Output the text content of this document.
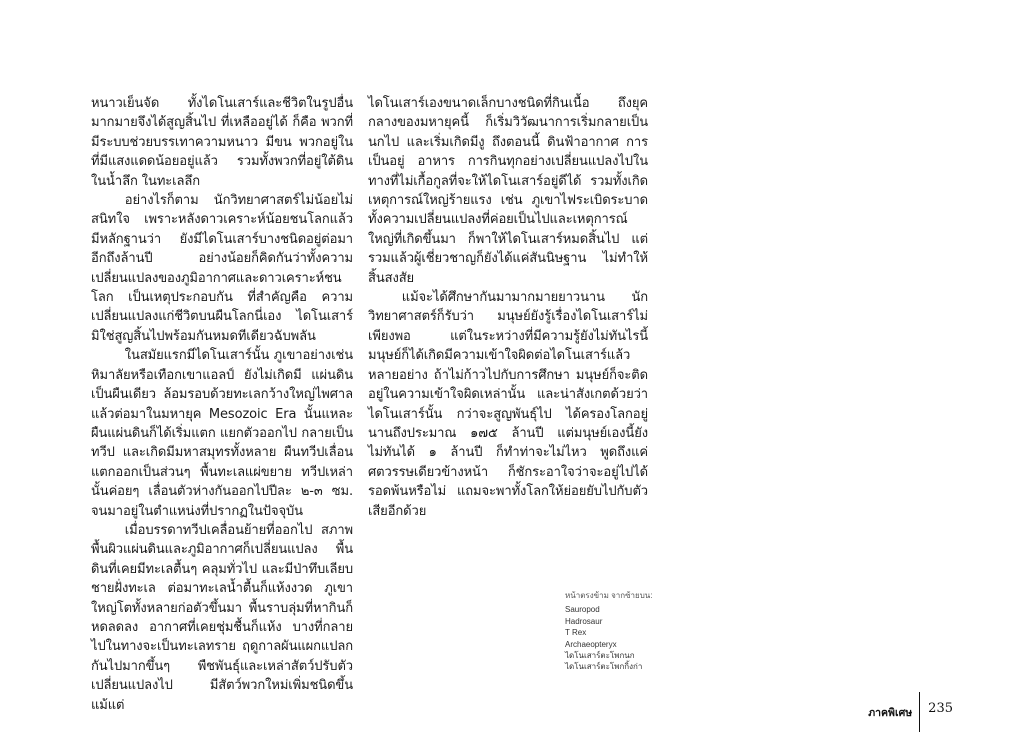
หนาวเย็นจัด ทั้งไดโนเสาร์และชีวิตในรูปอื่นมากมายจึงได้สูญสิ้นไป ที่เหลืออยู่ได้ ก็คือ พวกที่มีระบบช่วยบรรเทาความหนาว มีขน พวกอยู่ในที่มีแสงแดดน้อยอยู่แล้ว รวมทั้งพวกที่อยู่ใต้ดิน ในน้ำลึก ในทะเลลึก

อย่างไรก็ตาม นักวิทยาศาสตร์ไม่น้อยไม่สนิทใจ เพราะหลังดาวเคราะห์น้อยชนโลกแล้ว มีหลักฐานว่า ยังมีไดโนเสาร์บางชนิดอยู่ต่อมาอีกถึงล้านปี อย่างน้อยก็คิดกันว่าทั้งความเปลี่ยนแปลงของภูมิอากาศและดาวเคราะห์ชนโลก เป็นเหตุประกอบกัน ที่สำคัญคือ ความเปลี่ยนแปลงแก่ชีวิตบนผืนโลกนี่เอง ไดโนเสาร์มิใช่สูญสิ้นไปพร้อมกันหมดทีเดียวฉับพลัน

ในสมัยแรกมีไดโนเสาร์นั้น ภูเขาอย่างเช่นหิมาลัยหรือเทือกเขาแอลป์ ยังไม่เกิดมี แผ่นดินเป็นผืนเดียว ล้อมรอบด้วยทะเลกว้างใหญ่ไพศาล แล้วต่อมาในมหายุค Mesozoic Era นั้นแหละ ผืนแผ่นดินก็ได้เริ่มแตก แยกตัวออกไป กลายเป็นทวีป และเกิดมีมหาสมุทรทั้งหลาย ผืนทวีปเลื่อน แตกออกเป็นส่วนๆ พื้นทะเลแผ่ขยาย ทวีปเหล่านั้นค่อยๆ เลื่อนตัวห่างกันออกไปปีละ ๒-๓ ซม. จนมาอยู่ในตำแหน่งที่ปรากฏในปัจจุบัน

เมื่อบรรดาทวีปเคลื่อนย้ายที่ออกไป สภาพพื้นผิวแผ่นดินและภูมิอากาศก็เปลี่ยนแปลง พื้นดินที่เคยมีทะเลตื้นๆ คลุมทั่วไป และมีป่าทึบเลียบชายฝั่งทะเล ต่อมาทะเลน้ำตื้นก็แห้งงวด ภูเขาใหญ่โตทั้งหลายก่อตัวขึ้นมา พื้นราบลุ่มที่หากินก็หดลดลง อากาศที่เคยชุ่มชื้นก็แห้ง บางที่กลายไปในทางจะเป็นทะเลทราย ฤดูกาลผันแผกแปลกกันไปมากขึ้นๆ พืชพันธุ์และเหล่าสัตว์ปรับตัวเปลี่ยนแปลงไป มีสัตว์พวกใหม่เพิ่มชนิดขึ้น แม้แต่

ไดโนเสาร์เองขนาดเล็กบางชนิดที่กินเนื้อ ถึงยุคกลางของมหายุคนี้ ก็เริ่มวิวัฒนาการเริ่มกลายเป็นนกไป และเริ่มเกิดมีงู ถึงตอนนี้ ดินฟ้าอากาศ การเป็นอยู่ อาหาร การกินทุกอย่างเปลี่ยนแปลงไปในทางที่ไม่เกื้อกูลที่จะให้ไดโนเสาร์อยู่ดีได้ รวมทั้งเกิดเหตุการณ์ใหญ่ร้ายแรง เช่น ภูเขาไฟระเบิดระบาด ทั้งความเปลี่ยนแปลงที่ค่อยเป็นไปและเหตุการณ์ใหญ่ที่เกิดขึ้นมา ก็พาให้ไดโนเสาร์หมดสิ้นไป แต่รวมแล้วผู้เชี่ยวชาญก็ยังได้แค่สันนิษฐาน ไม่ทำให้สิ้นสงสัย

แม้จะได้ศึกษากันมามากมายยาวนาน นักวิทยาศาสตร์ก็รับว่า มนุษย์ยังรู้เรื่องไดโนเสาร์ไม่เพียงพอ แต่ในระหว่างที่มีความรู้ยังไม่ทันไรนี้ มนุษย์ก็ได้เกิดมีความเข้าใจผิดต่อไดโนเสาร์แล้วหลายอย่าง ถ้าไม่ก้าวไปกับการศึกษา มนุษย์ก็จะติดอยู่ในความเข้าใจผิดเหล่านั้น และน่าสังเกตด้วยว่า ไดโนเสาร์นั้น กว่าจะสูญพันธุ์ไป ได้ครองโลกอยู่นานถึงประมาณ ๑๗๕ ล้านปี แต่มนุษย์เองนี้ยังไม่ทันได้ ๑ ล้านปี ก็ทำท่าจะไม่ไหว พูดถึงแค่ศตวรรษเดียวข้างหน้า ก็ชักระอาใจว่าจะอยู่ไปได้รอดพ้นหรือไม่ แถมจะพาทั้งโลกให้ย่อยยับไปกับตัวเสียอีกด้วย

หน้าตรงข้าม จากซ้ายบน:
Sauropod
Hadrosaur
T Rex
Archaeopteryx
ไดโนเสาร์ตะโพกนก
ไดโนเสาร์ตะโพกกิ้งก่า
ภาคพิเศษ 235
